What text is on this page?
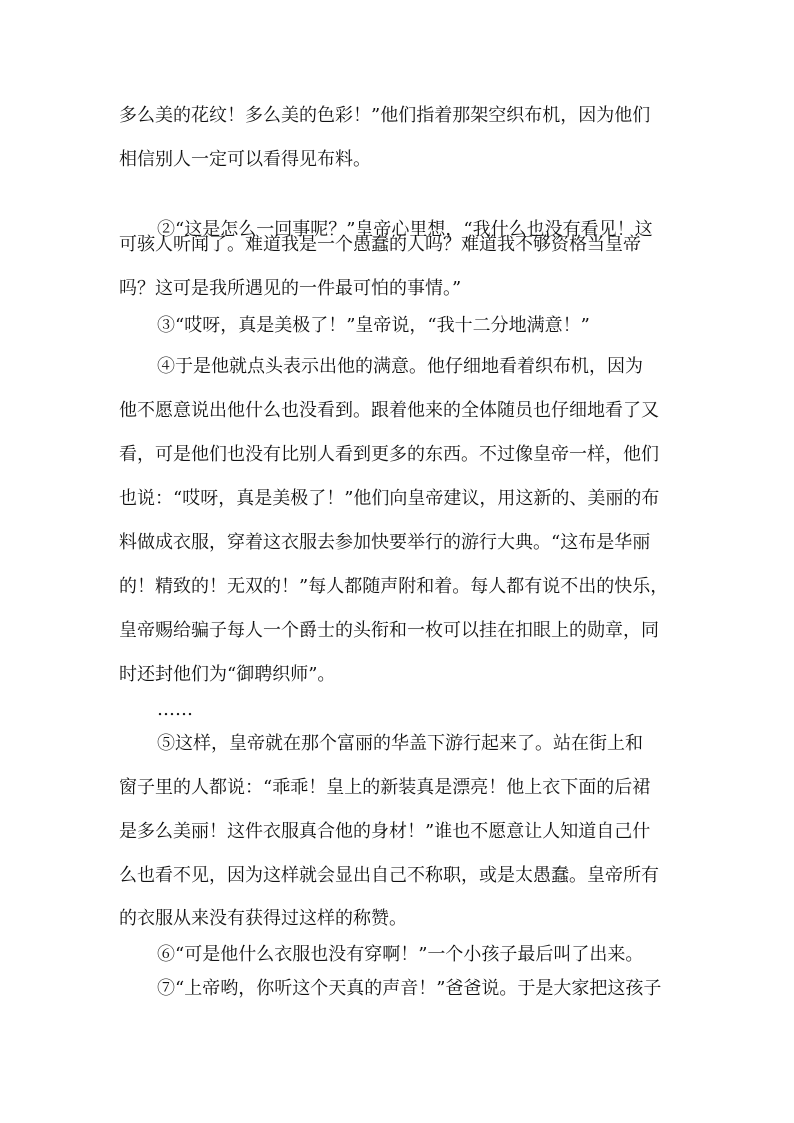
多么美的花纹！多么美的色彩！”他们指着那架空织布机，因为他们
相信别人一定可以看得见布料。
②“这是怎么一回事呢？”皇帝心里想，“我什么也没有看见！这
可骇人听闻了。难道我是一个愚蠢的人吗？难道我不够资格当皇帝
吗？这可是我所遇见的一件最可怕的事情。”
③“哎呀，真是美极了！”皇帝说，“我十二分地满意！”
④于是他就点头表示出他的满意。他仔细地看着织布机，因为
他不愿意说出他什么也没看到。跟着他来的全体随员也仔细地看了又
看，可是他们也没有比别人看到更多的东西。不过像皇帝一样，他们
也说：“哎呀，真是美极了！”他们向皇帝建议，用这新的、美丽的布
料做成衣服，穿着这衣服去参加快要举行的游行大典。“这布是华丽
的！精致的！无双的！”每人都随声附和着。每人都有说不出的快乐，
皇帝赐给骗子每人一个爵士的头衔和一枚可以挂在扣眼上的勋章，同
时还封他们为“御聘织师”。
……
⑤这样，皇帝就在那个富丽的华盖下游行起来了。站在街上和
窗子里的人都说：“乖乖！皇上的新装真是漂亮！他上衣下面的后裙
是多么美丽！这件衣服真合他的身材！”谁也不愿意让人知道自己什
么也看不见，因为这样就会显出自己不称职，或是太愚蠢。皇帝所有
的衣服从来没有获得过这样的称赞。
⑥“可是他什么衣服也没有穿啊！”一个小孩子最后叫了出来。
⑦“上帝哟，你听这个天真的声音！”爸爸说。于是大家把这孩子
